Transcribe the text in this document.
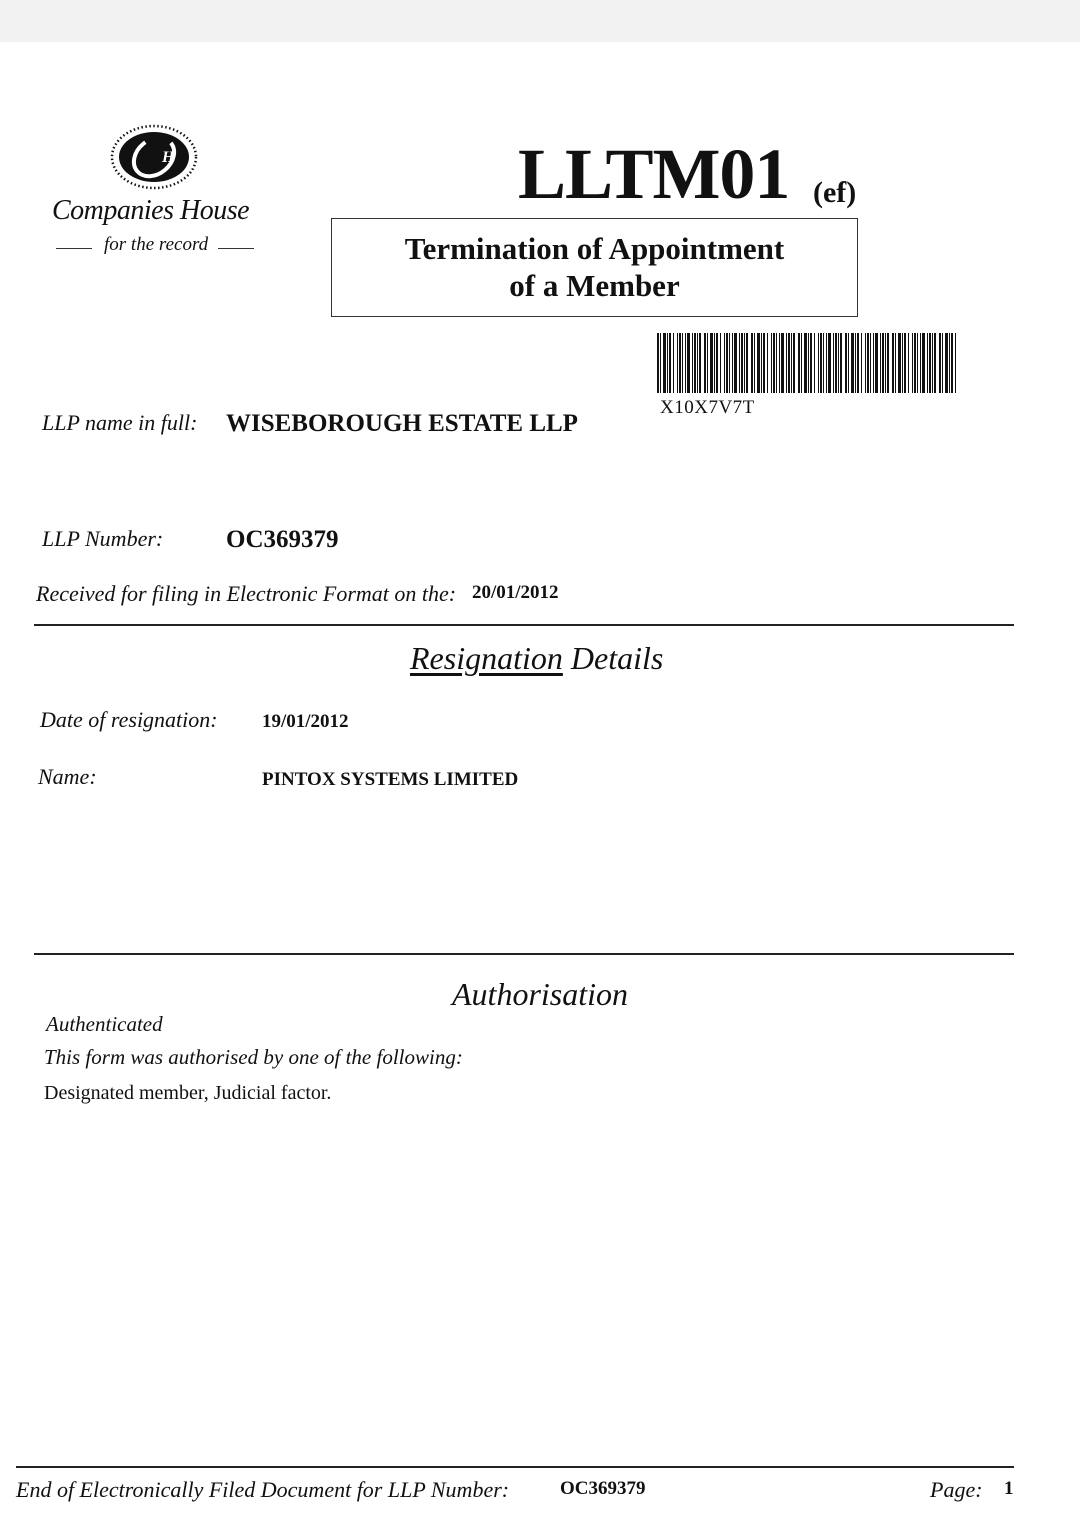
H
Companies House
for the record
LLTM01 (ef)
Termination of Appointment
of a Member
X10X7V7T
LLP name in full: WISEBOROUGH ESTATE LLP
LLP Number:	OC369379
Received for filing in Electronic Format on the: 20/01/2012
Resignation Details
Date of resignation: 19/01/2012
Name:	PINTOX SYSTEMS LIMITED
Authorisation
Authenticated
This form was authorised by one of the following:
Designated member, Judicial factor.
End of Electronically Filed Document for LLP Number:	OC369379	Page: 1
